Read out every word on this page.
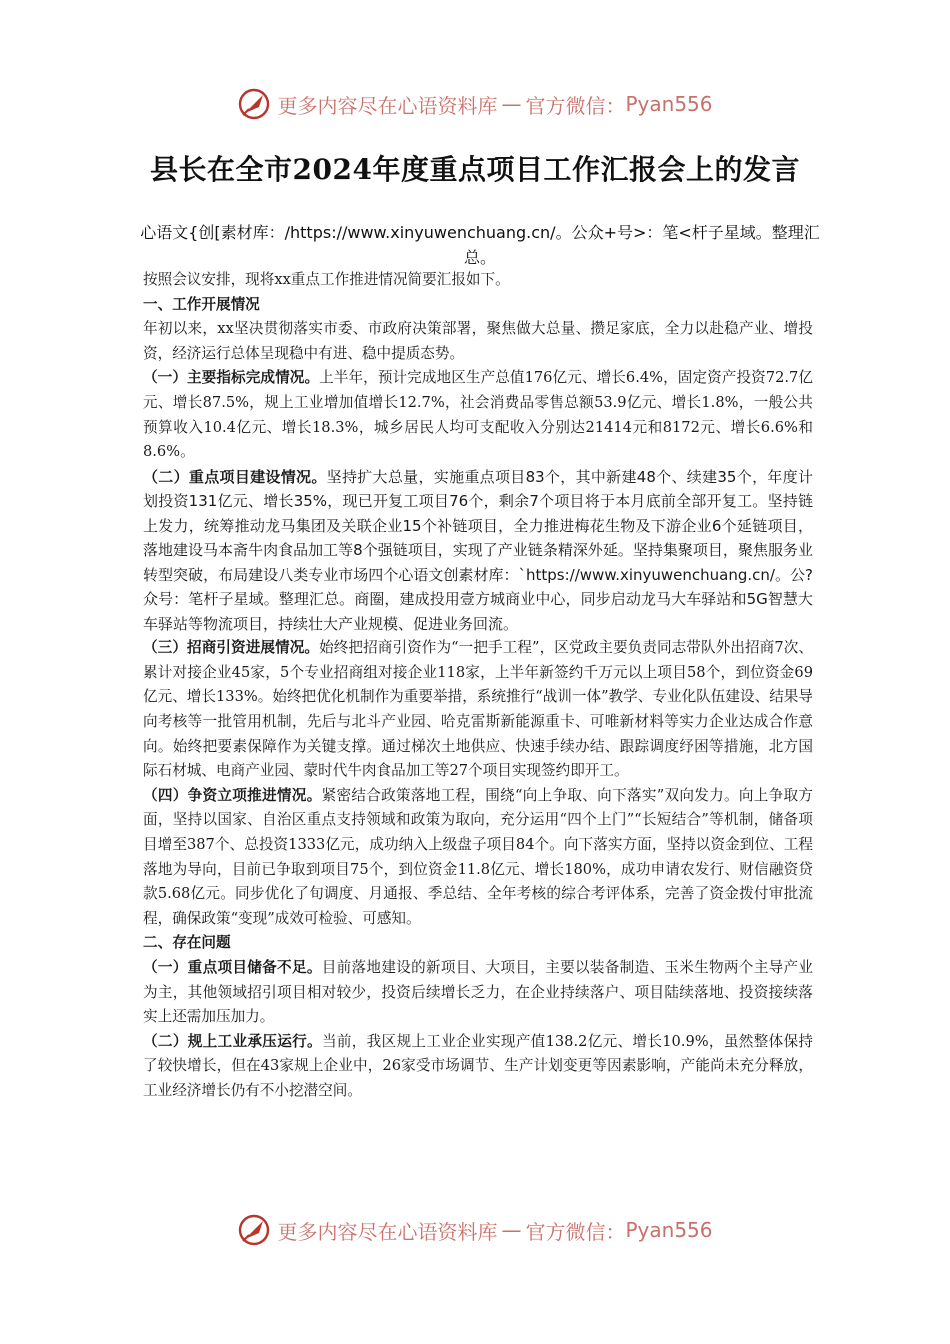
更多内容尽在心语资料库 — 官方微信： Pyan556
县长在全市2024年度重点项目工作汇报会上的发言
心语文{创[素材库：/https://www.xinyuwenchuang.cn/。公众+号>：笔<杆子星域。整理汇总。

按照会议安排，现将xx重点工作推进情况简要汇报如下。

一、工作开展情况

年初以来，xx坚决贯彻落实市委、市政府决策部署，聚焦做大总量、攒足家底，全力以赴稳产业、增投资，经济运行总体呈现稳中有进、稳中提质态势。

（一）主要指标完成情况。上半年，预计完成地区生产总值176亿元、增长6.4%，固定资产投资72.7亿元、增长87.5%，规上工业增加值增长12.7%，社会消费品零售总额53.9亿元、增长1.8%，一般公共预算收入10.4亿元、增长18.3%，城乡居民人均可支配收入分别达21414元和8172元、增长6.6%和8.6%。

（二）重点项目建设情况。坚持扩大总量，实施重点项目83个，其中新建48个、续建35个，年度计划投资131亿元、增长35%，现已开复工项目76个，剩余7个项目将于本月底前全部开复工。坚持链上发力，统筹推动龙马集团及关联企业15个补链项目，全力推进梅花生物及下游企业6个延链项目，落地建设马本斋牛肉食品加工等8个强链项目，实现了产业链条精深外延。坚持集聚项目，聚焦服务业转型突破，布局建设八类专业市场四个心语文创素材库：`https://www.xinyuwenchuang.cn/。公?众号：笔杆子星域。整理汇总。商圈，建成投用壹方城商业中心，同步启动龙马大车驿站和5G智慧大车驿站等物流项目，持续壮大产业规模、促进业务回流。

（三）招商引资进展情况。始终把招商引资作为“一把手工程”，区党政主要负责同志带队外出招商7次、累计对接企业45家，5个专业招商组对接企业118家，上半年新签约千万元以上项目58个，到位资金69亿元、增长133%。始终把优化机制作为重要举措，系统推行“战训一体”教学、专业化队伍建设、结果导向考核等一批管用机制，先后与北斗产业园、哈克雷斯新能源重卡、可唯新材料等实力企业达成合作意向。始终把要素保障作为关键支撑。通过梯次土地供应、快速手续办结、跟踪调度纾困等措施，北方国际石材城、电商产业园、蒙时代牛肉食品加工等27个项目实现签约即开工。

（四）争资立项推进情况。紧密结合政策落地工程，围绕“向上争取、向下落实”双向发力。向上争取方面，坚持以国家、自治区重点支持领域和政策为取向，充分运用“四个上门”“长短结合”等机制，储备项目增至387个、总投资1333亿元，成功纳入上级盘子项目84个。向下落实方面，坚持以资金到位、工程落地为导向，目前已争取到项目75个，到位资金11.8亿元、增长180%，成功申请农发行、财信融资贷款5.68亿元。同步优化了旬调度、月通报、季总结、全年考核的综合考评体系，完善了资金拨付审批流程，确保政策“变现”成效可检验、可感知。

二、存在问题

（一）重点项目储备不足。目前落地建设的新项目、大项目，主要以装备制造、玉米生物两个主导产业为主，其他领域招引项目相对较少，投资后续增长乏力，在企业持续落户、项目陆续落地、投资接续落实上还需加压加力。

（二）规上工业承压运行。当前，我区规上工业企业实现产值138.2亿元、增长10.9%，虽然整体保持了较快增长，但在43家规上企业中，26家受市场调节、生产计划变更等因素影响，产能尚未充分释放，工业经济增长仍有不小挖潜空间。

更多内容尽在心语资料库 — 官方微信： Pyan556
